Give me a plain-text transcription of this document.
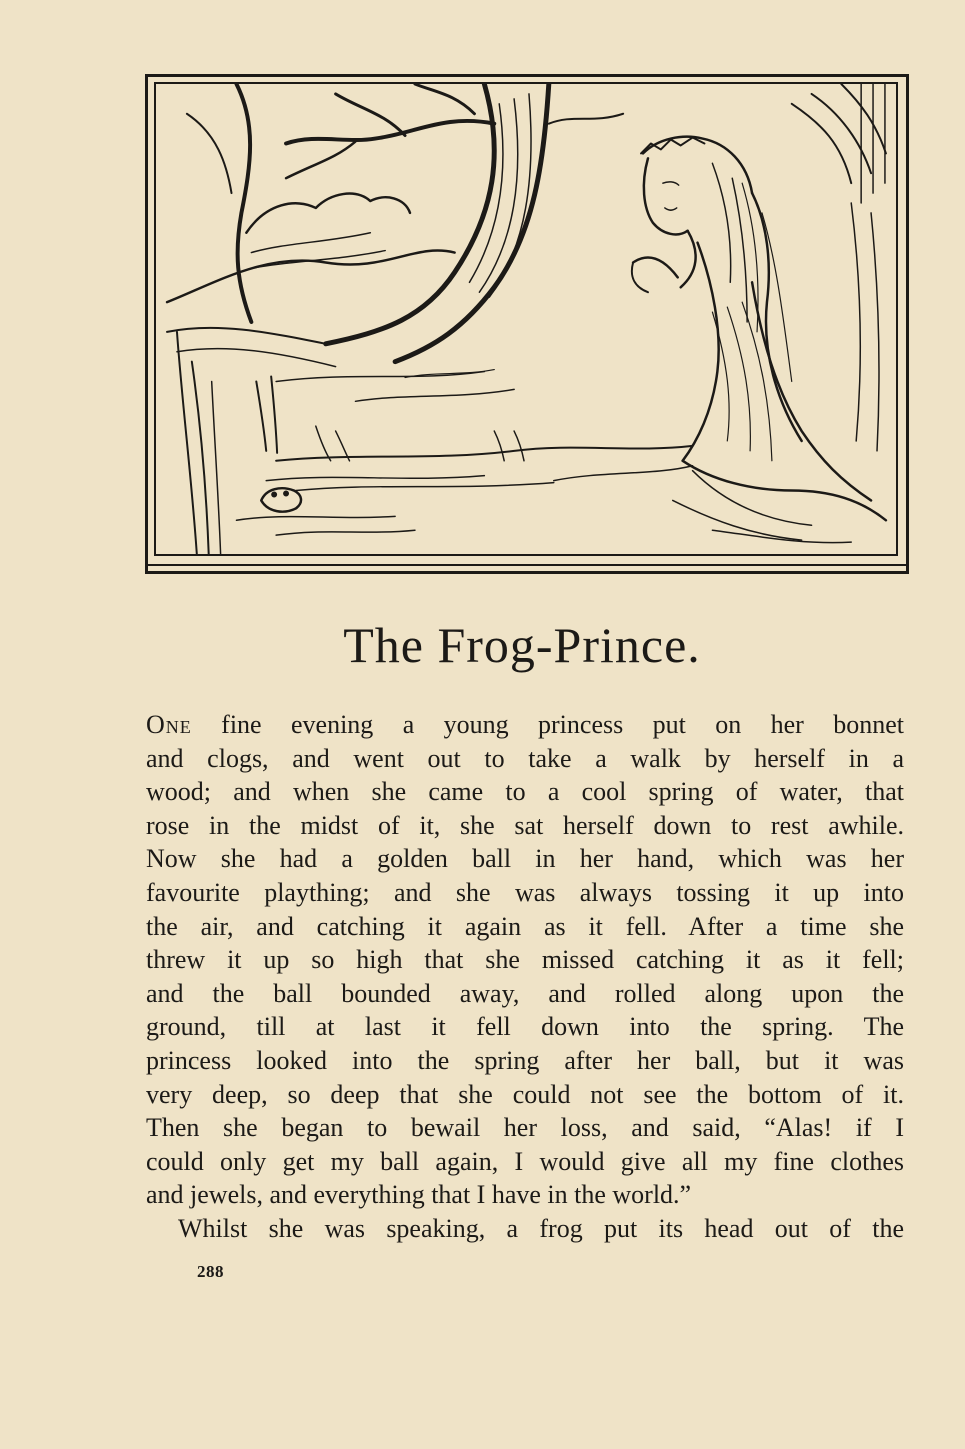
The Frog-Prince.
One fine evening a young princess put on her bonnet
and clogs, and went out to take a walk by herself in a
wood; and when she came to a cool spring of water, that
rose in the midst of it, she sat herself down to rest awhile.
Now she had a golden ball in her hand, which was her
favourite plaything; and she was always tossing it up into
the air, and catching it again as it fell. After a time she
threw it up so high that she missed catching it as it fell;
and the ball bounded away, and rolled along upon the
ground, till at last it fell down into the spring. The
princess looked into the spring after her ball, but it was
very deep, so deep that she could not see the bottom of it.
Then she began to bewail her loss, and said, “Alas! if I
could only get my ball again, I would give all my fine clothes
and jewels, and everything that I have in the world.”
Whilst she was speaking, a frog put its head out of the
288
